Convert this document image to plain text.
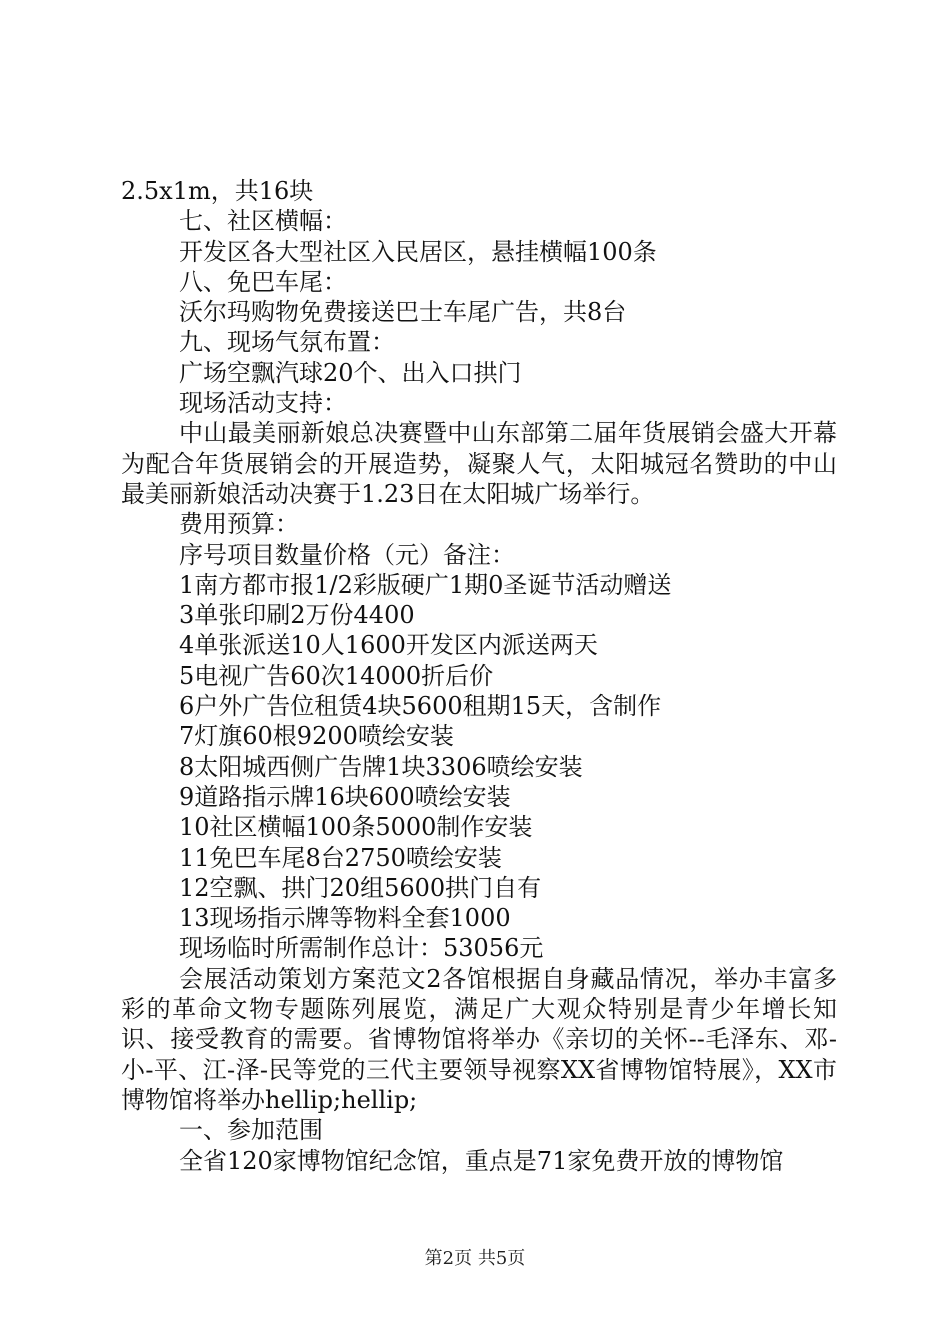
2.5x1m，共16块
七、社区横幅：
开发区各大型社区入民居区，悬挂横幅100条
八、免巴车尾：
沃尔玛购物免费接送巴士车尾广告，共8台
九、现场气氛布置：
广场空飘汽球20个、出入口拱门
现场活动支持：
中山最美丽新娘总决赛暨中山东部第二届年货展销会盛大开幕为配合年货展销会的开展造势，凝聚人气，太阳城冠名赞助的中山最美丽新娘活动决赛于1.23日在太阳城广场举行。
费用预算：
序号项目数量价格（元）备注：
1南方都市报1/2彩版硬广1期0圣诞节活动赠送
3单张印刷2万份4400
4单张派送10人1600开发区内派送两天
5电视广告60次14000折后价
6户外广告位租赁4块5600租期15天，含制作
7灯旗60根9200喷绘安装
8太阳城西侧广告牌1块3306喷绘安装
9道路指示牌16块600喷绘安装
10社区横幅100条5000制作安装
11免巴车尾8台2750喷绘安装
12空飘、拱门20组5600拱门自有
13现场指示牌等物料全套1000
现场临时所需制作总计：53056元
会展活动策划方案范文2各馆根据自身藏品情况，举办丰富多彩的革命文物专题陈列展览，满足广大观众特别是青少年增长知识、接受教育的需要。省博物馆将举办《亲切的关怀--毛泽东、邓-小-平、江-泽-民等党的三代主要领导视察XX省博物馆特展》，XX市博物馆将举办hellip;hellip;
一、参加范围
全省120家博物馆纪念馆，重点是71家免费开放的博物馆
第2页 共5页
